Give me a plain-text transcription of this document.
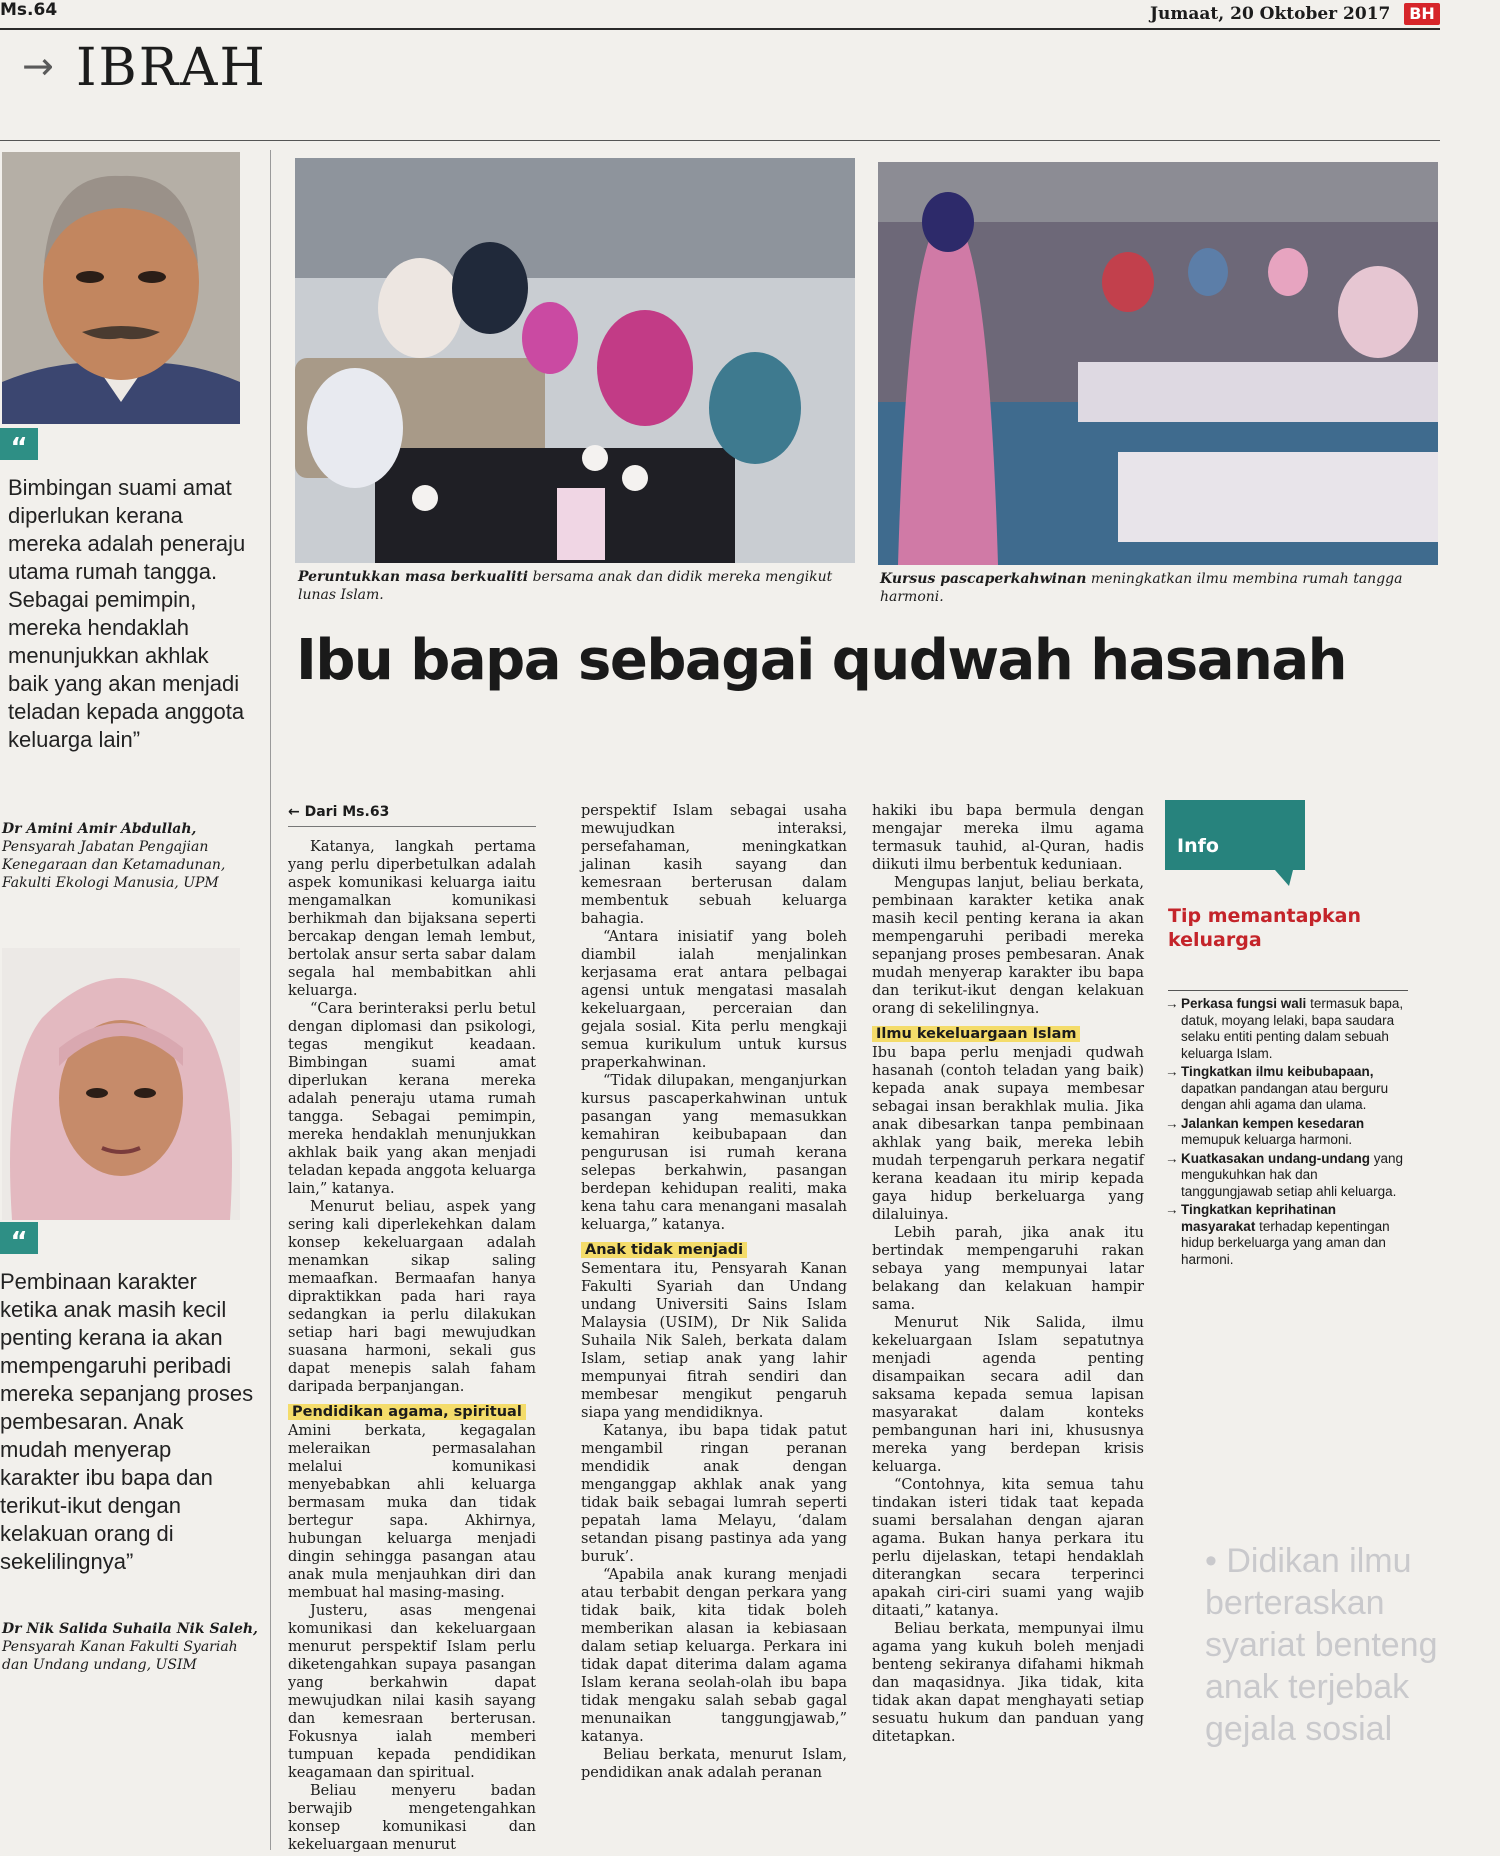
Ms.64	Jumaat, 20 Oktober 2017	BH
→ IBRAH
“
Bimbingan suami amat diperlukan kerana mereka adalah peneraju utama rumah tangga. Sebagai pemimpin, mereka hendaklah menunjukkan akhlak baik yang akan menjadi teladan kepada anggota keluarga lain”
Dr Amini Amir Abdullah,
Pensyarah Jabatan Pengajian Kenegaraan dan Ketamadunan, Fakulti Ekologi Manusia, UPM
“
Pembinaan karakter ketika anak masih kecil penting kerana ia akan mempengaruhi peribadi mereka sepanjang proses pembesaran. Anak mudah menyerap karakter ibu bapa dan terikut-ikut dengan kelakuan orang di sekelilingnya”
Dr Nik Salida Suhaila Nik Saleh,
Pensyarah Kanan Fakulti Syariah dan Undang undang, USIM
Peruntukkan masa berkualiti bersama anak dan didik mereka mengikut lunas Islam.
Kursus pascaperkahwinan meningkatkan ilmu membina rumah tangga harmoni.
Ibu bapa sebagai qudwah hasanah
← Dari Ms.63

Katanya, langkah pertama yang perlu diperbetulkan adalah aspek komunikasi keluarga iaitu mengamalkan komunikasi berhikmah dan bijaksana seperti bercakap dengan lemah lembut, bertolak ansur serta sabar dalam segala hal membabitkan ahli keluarga.

“Cara berinteraksi perlu betul dengan diplomasi dan psikologi, tegas mengikut keadaan. Bimbingan suami amat diperlukan kerana mereka adalah peneraju utama rumah tangga. Sebagai pemimpin, mereka hendaklah menunjukkan akhlak baik yang akan menjadi teladan kepada anggota keluarga lain,” katanya.

Menurut beliau, aspek yang sering kali diperlekehkan dalam konsep kekeluargaan adalah menamkan sikap saling memaafkan. Bermaafan hanya dipraktikkan pada hari raya sedangkan ia perlu dilakukan setiap hari bagi mewujudkan suasana harmoni, sekali gus dapat menepis salah faham daripada berpanjangan.

Pendidikan agama, spiritual

Amini berkata, kegagalan meleraikan permasalahan melalui komunikasi menyebabkan ahli keluarga bermasam muka dan tidak bertegur sapa. Akhirnya, hubungan keluarga menjadi dingin sehingga pasangan atau anak mula menjauhkan diri dan membuat hal masing-masing.

Justeru, asas mengenai komunikasi dan kekeluargaan menurut perspektif Islam perlu diketengahkan supaya pasangan yang berkahwin dapat mewujudkan nilai kasih sayang dan kemesraan berterusan. Fokusnya ialah memberi tumpuan kepada pendidikan keagamaan dan spiritual.

Beliau menyeru badan berwajib mengetengahkan konsep komunikasi dan kekeluargaan menurut

perspektif Islam sebagai usaha mewujudkan interaksi, persefahaman, meningkatkan jalinan kasih sayang dan kemesraan berterusan dalam membentuk sebuah keluarga bahagia.

“Antara inisiatif yang boleh diambil ialah menjalinkan kerjasama erat antara pelbagai agensi untuk mengatasi masalah kekeluargaan, perceraian dan gejala sosial. Kita perlu mengkaji semua kurikulum untuk kursus praperkahwinan.

“Tidak dilupakan, menganjurkan kursus pascaperkahwinan untuk pasangan yang memasukkan kemahiran keibubapaan dan pengurusan isi rumah kerana selepas berkahwin, pasangan berdepan kehidupan realiti, maka kena tahu cara menangani masalah keluarga,” katanya.

Anak tidak menjadi

Sementara itu, Pensyarah Kanan Fakulti Syariah dan Undang undang Universiti Sains Islam Malaysia (USIM), Dr Nik Salida Suhaila Nik Saleh, berkata dalam Islam, setiap anak yang lahir mempunyai fitrah sendiri dan membesar mengikut pengaruh siapa yang mendidiknya.

Katanya, ibu bapa tidak patut mengambil ringan peranan mendidik anak dengan menganggap akhlak anak yang tidak baik sebagai lumrah seperti pepatah lama Melayu, ‘dalam setandan pisang pastinya ada yang buruk’.

“Apabila anak kurang menjadi atau terbabit dengan perkara yang tidak baik, kita tidak boleh memberikan alasan ia kebiasaan dalam setiap keluarga. Perkara ini tidak dapat diterima dalam agama Islam kerana seolah-olah ibu bapa tidak mengaku salah sebab gagal menunaikan tanggungjawab,” katanya.

Beliau berkata, menurut Islam, pendidikan anak adalah peranan

hakiki ibu bapa bermula dengan mengajar mereka ilmu agama termasuk tauhid, al-Quran, hadis diikuti ilmu berbentuk keduniaan.

Mengupas lanjut, beliau berkata, pembinaan karakter ketika anak masih kecil penting kerana ia akan mempengaruhi peribadi mereka sepanjang proses pembesaran. Anak mudah menyerap karakter ibu bapa dan terikut-ikut dengan kelakuan orang di sekelilingnya.

Ilmu kekeluargaan Islam

Ibu bapa perlu menjadi qudwah hasanah (contoh teladan yang baik) kepada anak supaya membesar sebagai insan berakhlak mulia. Jika anak dibesarkan tanpa pembinaan akhlak yang baik, mereka lebih mudah terpengaruh perkara negatif kerana keadaan itu mirip kepada gaya hidup berkeluarga yang dilaluinya.

Lebih parah, jika anak itu bertindak mempengaruhi rakan sebaya yang mempunyai latar belakang dan kelakuan hampir sama.

Menurut Nik Salida, ilmu kekeluargaan Islam sepatutnya menjadi agenda penting disampaikan secara adil dan saksama kepada semua lapisan masyarakat dalam konteks pembangunan hari ini, khususnya mereka yang berdepan krisis keluarga.

“Contohnya, kita semua tahu tindakan isteri tidak taat kepada suami bersalahan dengan ajaran agama. Bukan hanya perkara itu perlu dijelaskan, tetapi hendaklah diterangkan secara terperinci apakah ciri-ciri suami yang wajib ditaati,” katanya.

Beliau berkata, mempunyai ilmu agama yang kukuh boleh menjadi benteng sekiranya difahami hikmah dan maqasidnya. Jika tidak, kita tidak akan dapat menghayati setiap sesuatu hukum dan panduan yang ditetapkan.

Info
Tip memantapkan keluarga
→ Perkasa fungsi wali termasuk bapa, datuk, moyang lelaki, bapa saudara selaku entiti penting dalam sebuah keluarga Islam.
→ Tingkatkan ilmu keibubapaan, dapatkan pandangan atau berguru dengan ahli agama dan ulama.
→ Jalankan kempen kesedaran memupuk keluarga harmoni.
→ Kuatkasakan undang-undang yang mengukuhkan hak dan tanggungjawab setiap ahli keluarga.
→ Tingkatkan keprihatinan masyarakat terhadap kepentingan hidup berkeluarga yang aman dan harmoni.
• Didikan ilmu berteraskan syariat benteng anak terjebak gejala sosial
